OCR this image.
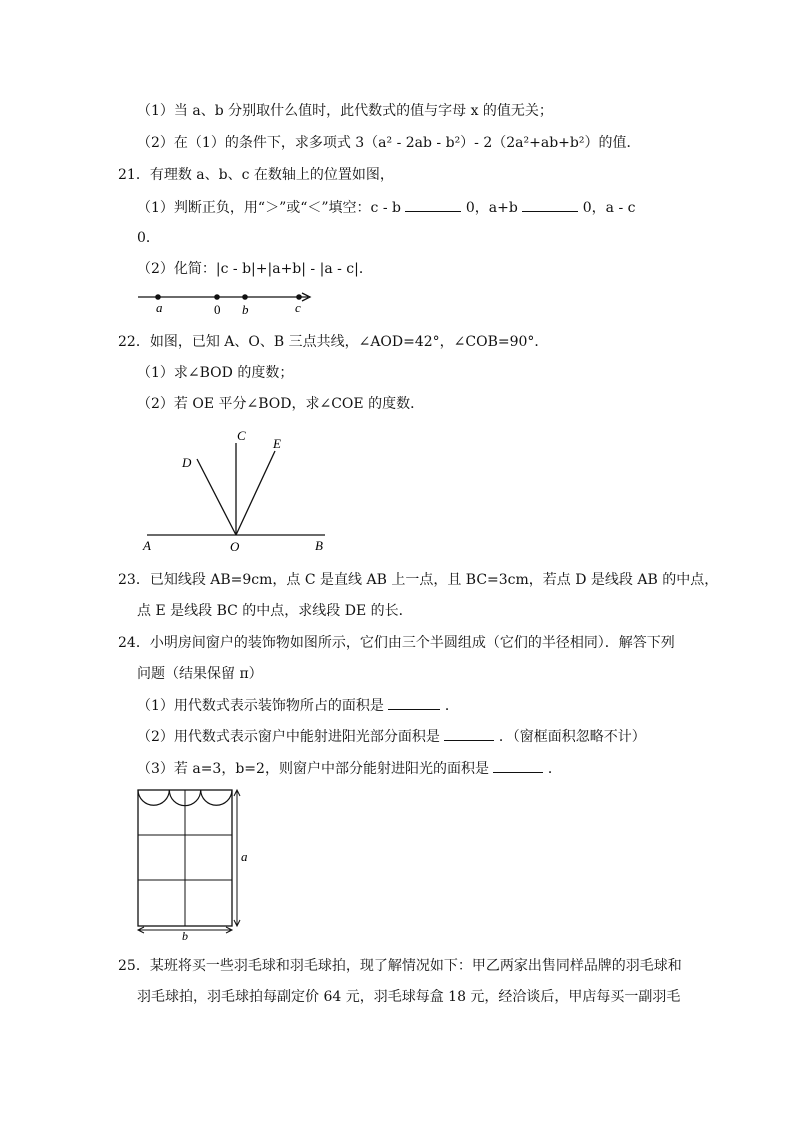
（1）当 a、b 分别取什么值时，此代数式的值与字母 x 的值无关；
（2）在（1）的条件下，求多项式 3（a² - 2ab - b²）- 2（2a²+ab+b²）的值．
21．有理数 a、b、c 在数轴上的位置如图，
（1）判断正负，用“＞”或“＜”填空：c - b	0，a+b	0，a - c
0．
（2）化简：|c - b|+|a+b| - |a - c|．
a	0 b	c
22．如图，已知 A、O、B 三点共线，∠AOD=42°，∠COB=90°．
（1）求∠BOD 的度数；
（2）若 OE 平分∠BOD，求∠COE 的度数．
A	O	B
C
D
E
23．已知线段 AB=9cm，点 C 是直线 AB 上一点，且 BC=3cm，若点 D 是线段 AB 的中点，
点 E 是线段 BC 的中点，求线段 DE 的长．
24．小明房间窗户的装饰物如图所示，它们由三个半圆组成（它们的半径相同）．解答下列
问题（结果保留 π）
（1）用代数式表示装饰物所占的面积是	．
（2）用代数式表示窗户中能射进阳光部分面积是	．（窗框面积忽略不计）
（3）若 a=3，b=2，则窗户中部分能射进阳光的面积是	．
a
b
25．某班将买一些羽毛球和羽毛球拍，现了解情况如下：甲乙两家出售同样品牌的羽毛球和
羽毛球拍，羽毛球拍每副定价 64 元，羽毛球每盒 18 元，经洽谈后，甲店每买一副羽毛
